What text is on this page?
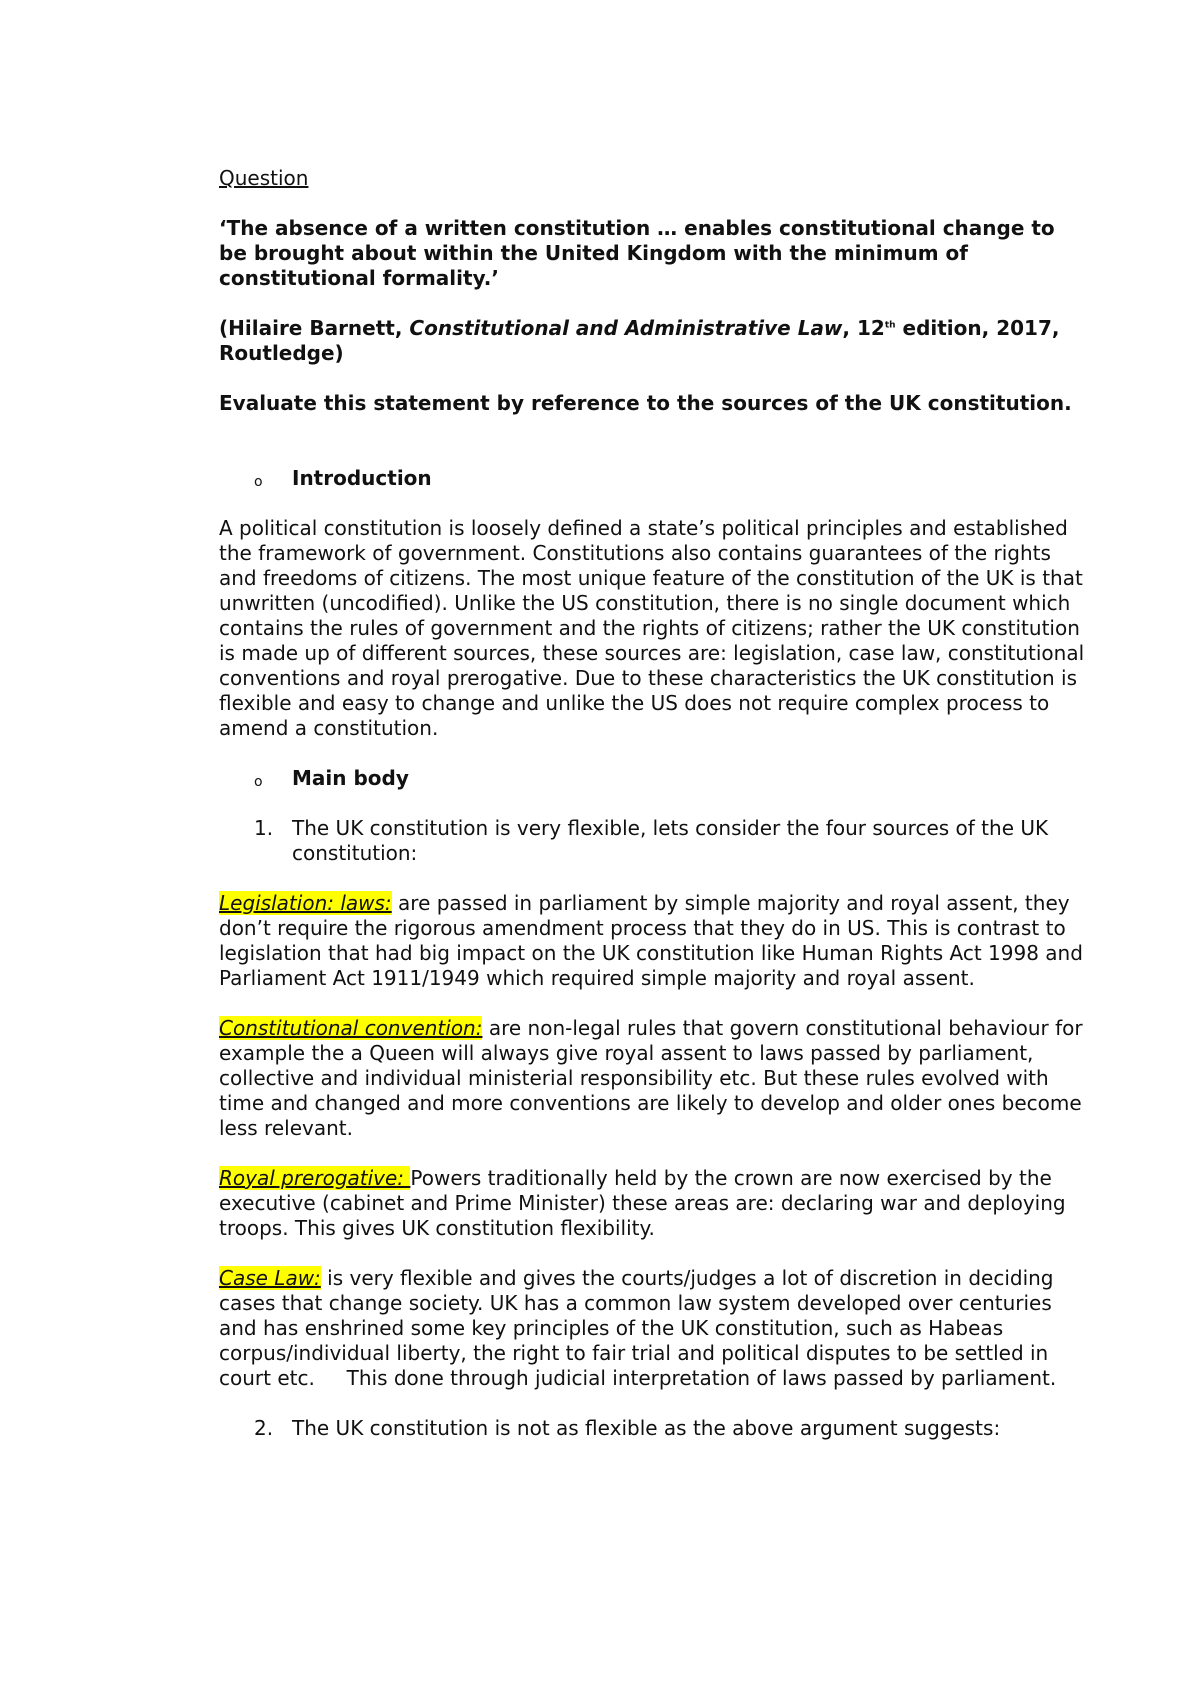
Question
‘The absence of a written constitution … enables constitutional change to be brought about within the United Kingdom with the minimum of constitutional formality.’
(Hilaire Barnett, Constitutional and Administrative Law, 12th edition, 2017, Routledge)
Evaluate this statement by reference to the sources of the UK constitution.
o Introduction
A political constitution is loosely defined a state’s political principles and established the framework of government. Constitutions also contains guarantees of the rights and freedoms of citizens. The most unique feature of the constitution of the UK is that unwritten (uncodified). Unlike the US constitution, there is no single document which contains the rules of government and the rights of citizens; rather the UK constitution is made up of different sources, these sources are: legislation, case law, constitutional conventions and royal prerogative. Due to these characteristics the UK constitution is flexible and easy to change and unlike the US does not require complex process to amend a constitution.
o Main body
1. The UK constitution is very flexible, lets consider the four sources of the UK constitution:
Legislation: laws: are passed in parliament by simple majority and royal assent, they don’t require the rigorous amendment process that they do in US. This is contrast to legislation that had big impact on the UK constitution like Human Rights Act 1998 and Parliament Act 1911/1949 which required simple majority and royal assent.
Constitutional convention: are non-legal rules that govern constitutional behaviour for example the a Queen will always give royal assent to laws passed by parliament, collective and individual ministerial responsibility etc. But these rules evolved with time and changed and more conventions are likely to develop and older ones become less relevant.
Royal prerogative: Powers traditionally held by the crown are now exercised by the executive (cabinet and Prime Minister) these areas are: declaring war and deploying troops. This gives UK constitution flexibility.
Case Law: is very flexible and gives the courts/judges a lot of discretion in deciding cases that change society. UK has a common law system developed over centuries and has enshrined some key principles of the UK constitution, such as Habeas corpus/individual liberty, the right to fair trial and political disputes to be settled in court etc.     This done through judicial interpretation of laws passed by parliament.
2. The UK constitution is not as flexible as the above argument suggests:
